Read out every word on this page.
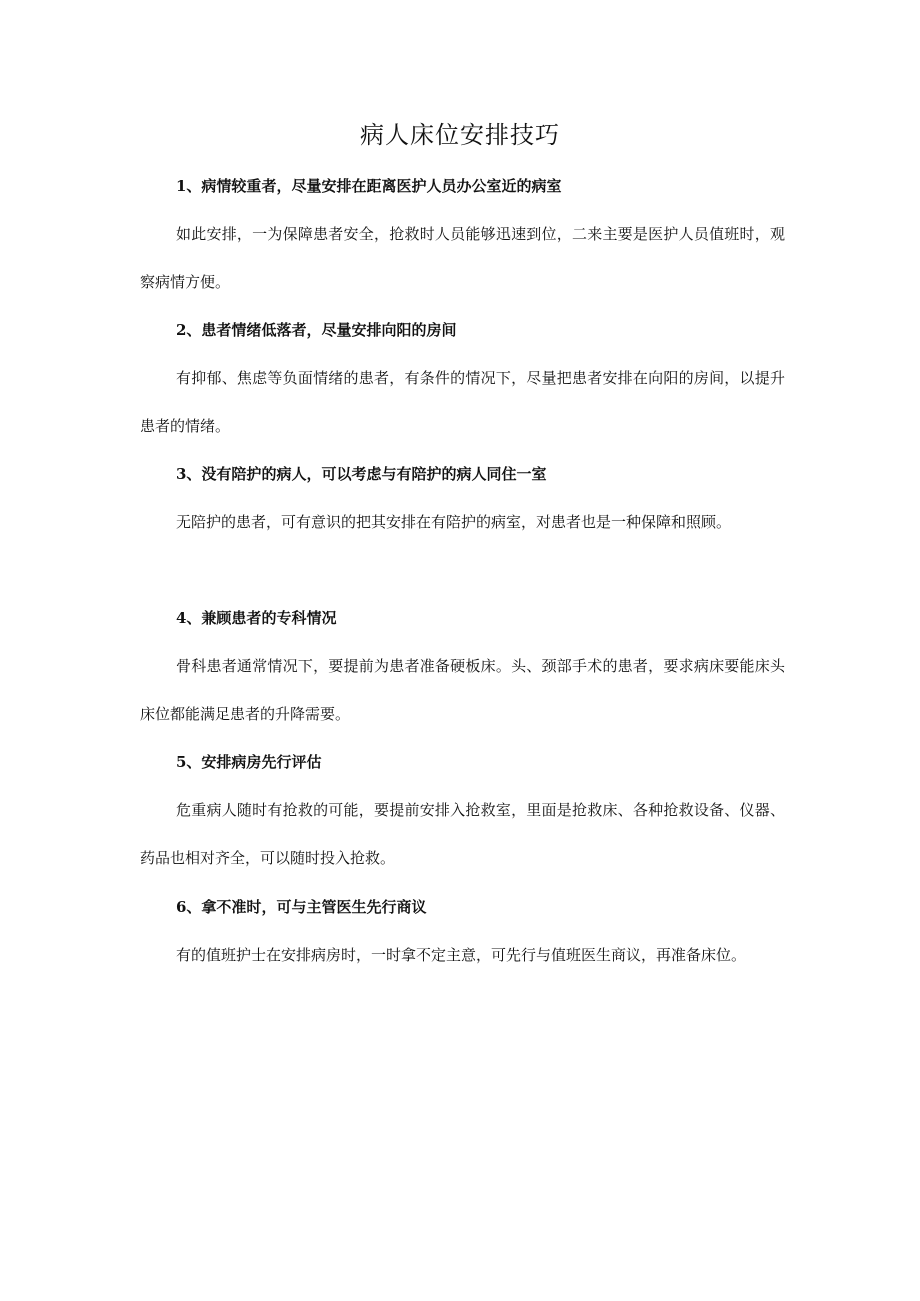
病人床位安排技巧
1、病情较重者，尽量安排在距离医护人员办公室近的病室

如此安排，一为保障患者安全，抢救时人员能够迅速到位，二来主要是医护人员值班时，观察病情方便。

2、患者情绪低落者，尽量安排向阳的房间

有抑郁、焦虑等负面情绪的患者，有条件的情况下，尽量把患者安排在向阳的房间，以提升患者的情绪。

3、没有陪护的病人，可以考虑与有陪护的病人同住一室

无陪护的患者，可有意识的把其安排在有陪护的病室，对患者也是一种保障和照顾。

4、兼顾患者的专科情况

骨科患者通常情况下，要提前为患者准备硬板床。头、颈部手术的患者，要求病床要能床头床位都能满足患者的升降需要。

5、安排病房先行评估

危重病人随时有抢救的可能，要提前安排入抢救室，里面是抢救床、各种抢救设备、仪器、药品也相对齐全，可以随时投入抢救。

6、拿不准时，可与主管医生先行商议

有的值班护士在安排病房时，一时拿不定主意，可先行与值班医生商议，再准备床位。
